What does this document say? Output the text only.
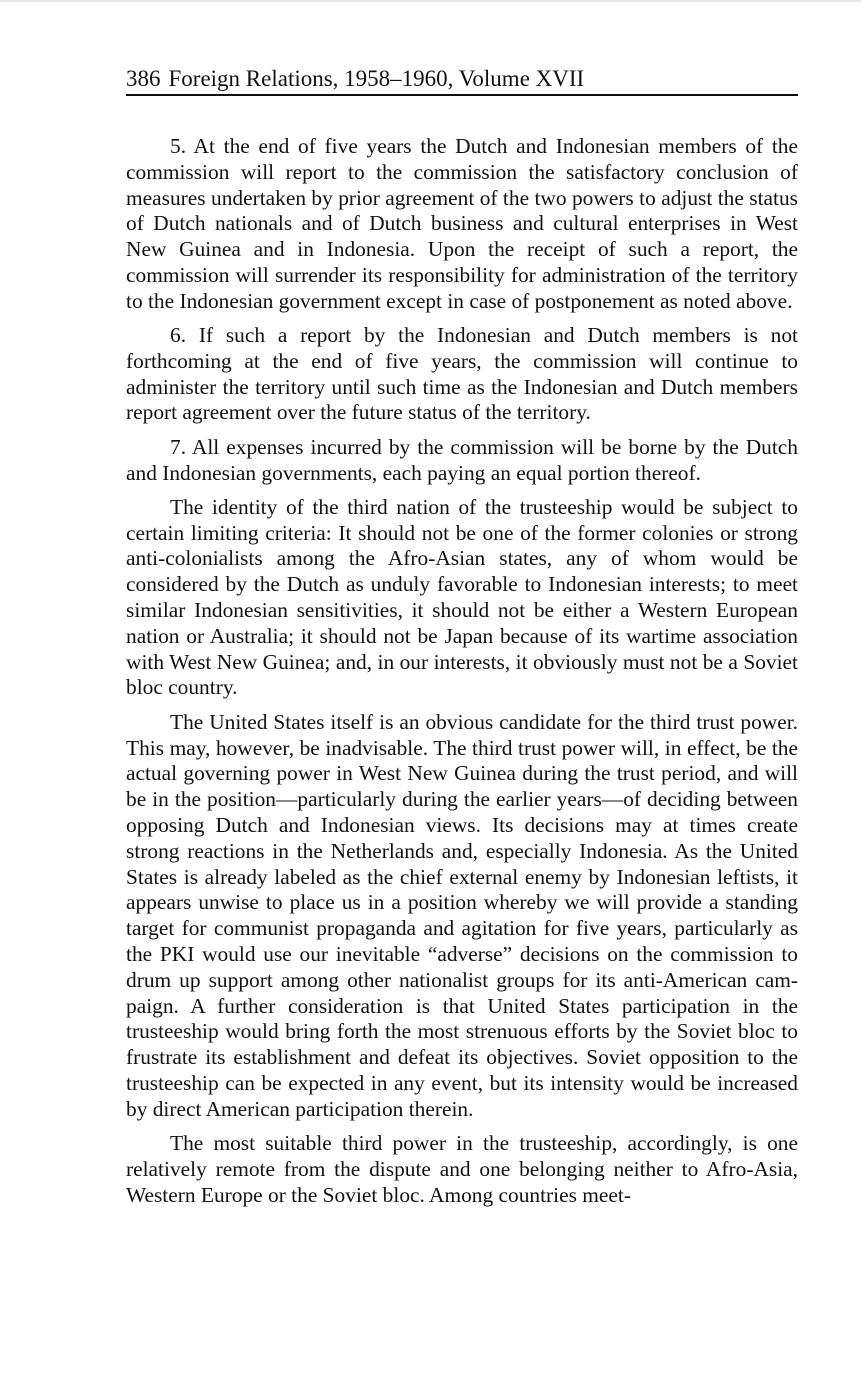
386 Foreign Relations, 1958–1960, Volume XVII

5. At the end of five years the Dutch and Indonesian members of the commission will report to the commission the satisfactory conclusion of measures undertaken by prior agreement of the two powers to adjust the status of Dutch nationals and of Dutch business and cultural enterprises in West New Guinea and in Indonesia. Upon the receipt of such a report, the commission will surrender its responsibility for administration of the territory to the Indonesian government except in case of postponement as noted above.

6. If such a report by the Indonesian and Dutch members is not forthcoming at the end of five years, the commission will continue to administer the territory until such time as the Indonesian and Dutch members report agreement over the future status of the territory.

7. All expenses incurred by the commission will be borne by the Dutch and Indonesian governments, each paying an equal portion thereof.

The identity of the third nation of the trusteeship would be subject to certain limiting criteria: It should not be one of the former colonies or strong anti-colonialists among the Afro-Asian states, any of whom would be considered by the Dutch as unduly favorable to Indonesian interests; to meet similar Indonesian sensitivities, it should not be either a Western European nation or Australia; it should not be Japan because of its wartime association with West New Guinea; and, in our interests, it obviously must not be a Soviet bloc country.

The United States itself is an obvious candidate for the third trust power. This may, however, be inadvisable. The third trust power will, in effect, be the actual governing power in West New Guinea during the trust period, and will be in the position—particularly during the earlier years—of deciding between opposing Dutch and Indonesian views. Its decisions may at times create strong reactions in the Netherlands and, especially Indonesia. As the United States is already labeled as the chief external enemy by Indonesian leftists, it appears unwise to place us in a position whereby we will provide a standing target for communist propaganda and agitation for five years, particularly as the PKI would use our inevitable “adverse” decisions on the commission to drum up support among other nationalist groups for its anti-American campaign. A further consideration is that United States participation in the trusteeship would bring forth the most strenuous efforts by the Soviet bloc to frustrate its establishment and defeat its objectives. Soviet opposition to the trusteeship can be expected in any event, but its intensity would be increased by direct American participation therein.

The most suitable third power in the trusteeship, accordingly, is one relatively remote from the dispute and one belonging neither to Afro-Asia, Western Europe or the Soviet bloc. Among countries meet-
